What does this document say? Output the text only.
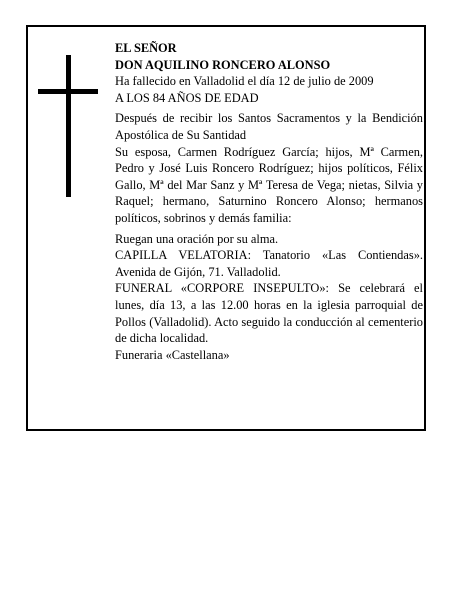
EL SEÑOR

DON AQUILINO RONCERO ALONSO

Ha fallecido en Valladolid el día 12 de julio de 2009

A LOS 84 AÑOS DE EDAD

Después de recibir los Santos Sacramentos y la Bendición Apostólica de Su Santidad

Su esposa, Carmen Rodríguez García; hijos, Mª Carmen, Pedro y José Luis Roncero Rodríguez; hijos políticos, Félix Gallo, Mª del Mar Sanz y Mª Teresa de Vega; nietas, Silvia y Raquel; hermano, Saturnino Roncero Alonso; hermanos políticos, sobrinos y demás familia:

Ruegan una oración por su alma.

CAPILLA VELATORIA: Tanatorio «Las Contiendas». Avenida de Gijón, 71. Valladolid.

FUNERAL «CORPORE INSEPULTO»: Se celebrará el lunes, día 13, a las 12.00 horas en la iglesia parroquial de Pollos (Valladolid). Acto seguido la conducción al cementerio de dicha localidad.

Funeraria «Castellana»
